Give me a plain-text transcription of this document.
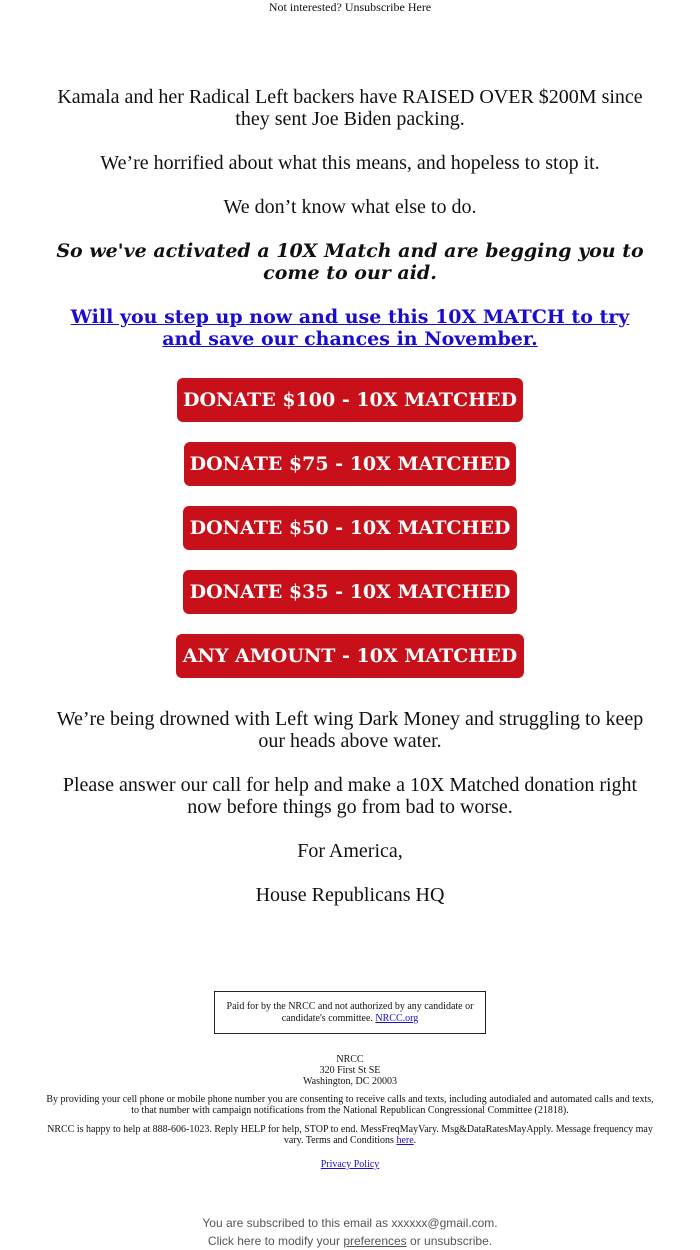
Not interested? Unsubscribe Here

Kamala and her Radical Left backers have RAISED OVER $200M since they sent Joe Biden packing.

We’re horrified about what this means, and hopeless to stop it.

We don’t know what else to do.

So we've activated a 10X Match and are begging you to come to our aid.

Will you step up now and use this 10X MATCH to try and save our chances in November.

DONATE $100 - 10X MATCHED
DONATE $75 - 10X MATCHED
DONATE $50 - 10X MATCHED
DONATE $35 - 10X MATCHED
ANY AMOUNT - 10X MATCHED

We’re being drowned with Left wing Dark Money and struggling to keep our heads above water.

Please answer our call for help and make a 10X Matched donation right now before things go from bad to worse.

For America,

House Republicans HQ

Paid for by the NRCC and not authorized by any candidate or candidate's committee. NRCC.org
NRCC
320 First St SE
Washington, DC 20003
By providing your cell phone or mobile phone number you are consenting to receive calls and texts, including autodialed and automated calls and texts, to that number with campaign notifications from the National Republican Congressional Committee (21818).
NRCC is happy to help at 888-606-1023. Reply HELP for help, STOP to end. MessFreqMayVary. Msg&DataRatesMayApply. Message frequency may vary. Terms and Conditions here.
Privacy Policy
You are subscribed to this email as xxxxxx@gmail.com.
Click here to modify your preferences or unsubscribe.
